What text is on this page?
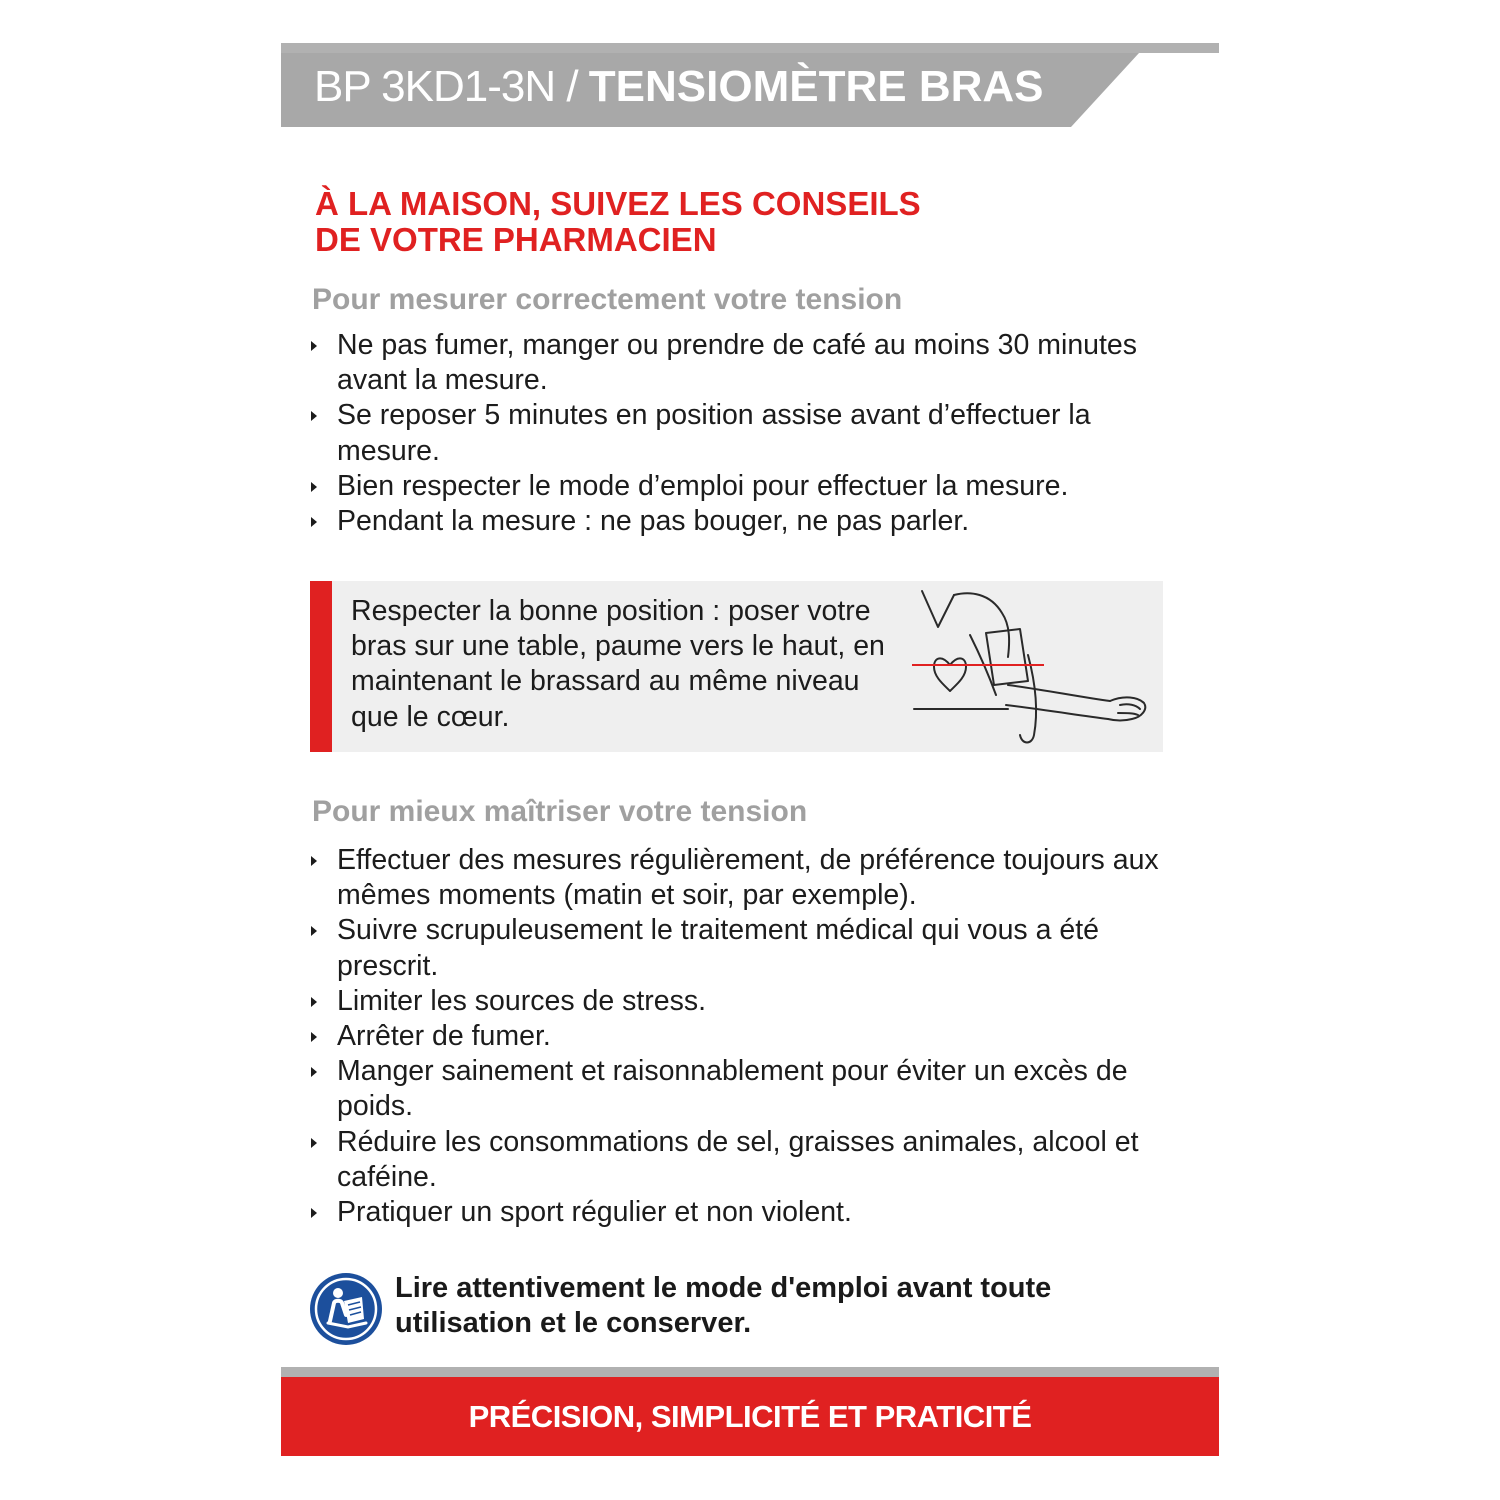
BP 3KD1-3N / TENSIOMÈTRE BRAS
À LA MAISON, SUIVEZ LES CONSEILS
DE VOTRE PHARMACIEN
Pour mesurer correctement votre tension
Ne pas fumer, manger ou prendre de café au moins 30 minutes avant la mesure.
Se reposer 5 minutes en position assise avant d’effectuer la mesure.
Bien respecter le mode d’emploi pour effectuer la mesure.
Pendant la mesure : ne pas bouger, ne pas parler.
Respecter la bonne position : poser votre bras sur une table, paume vers le haut, en maintenant le brassard au même niveau que le cœur.
Pour mieux maîtriser votre tension
Effectuer des mesures régulièrement, de préférence toujours aux mêmes moments (matin et soir, par exemple).
Suivre scrupuleusement le traitement médical qui vous a été prescrit.
Limiter les sources de stress.
Arrêter de fumer.
Manger sainement et raisonnablement pour éviter un excès de poids.
Réduire les consommations de sel, graisses animales, alcool et caféine.
Pratiquer un sport régulier et non violent.
Lire attentivement le mode d'emploi avant toute utilisation et le conserver.
PRÉCISION, SIMPLICITÉ ET PRATICITÉ
